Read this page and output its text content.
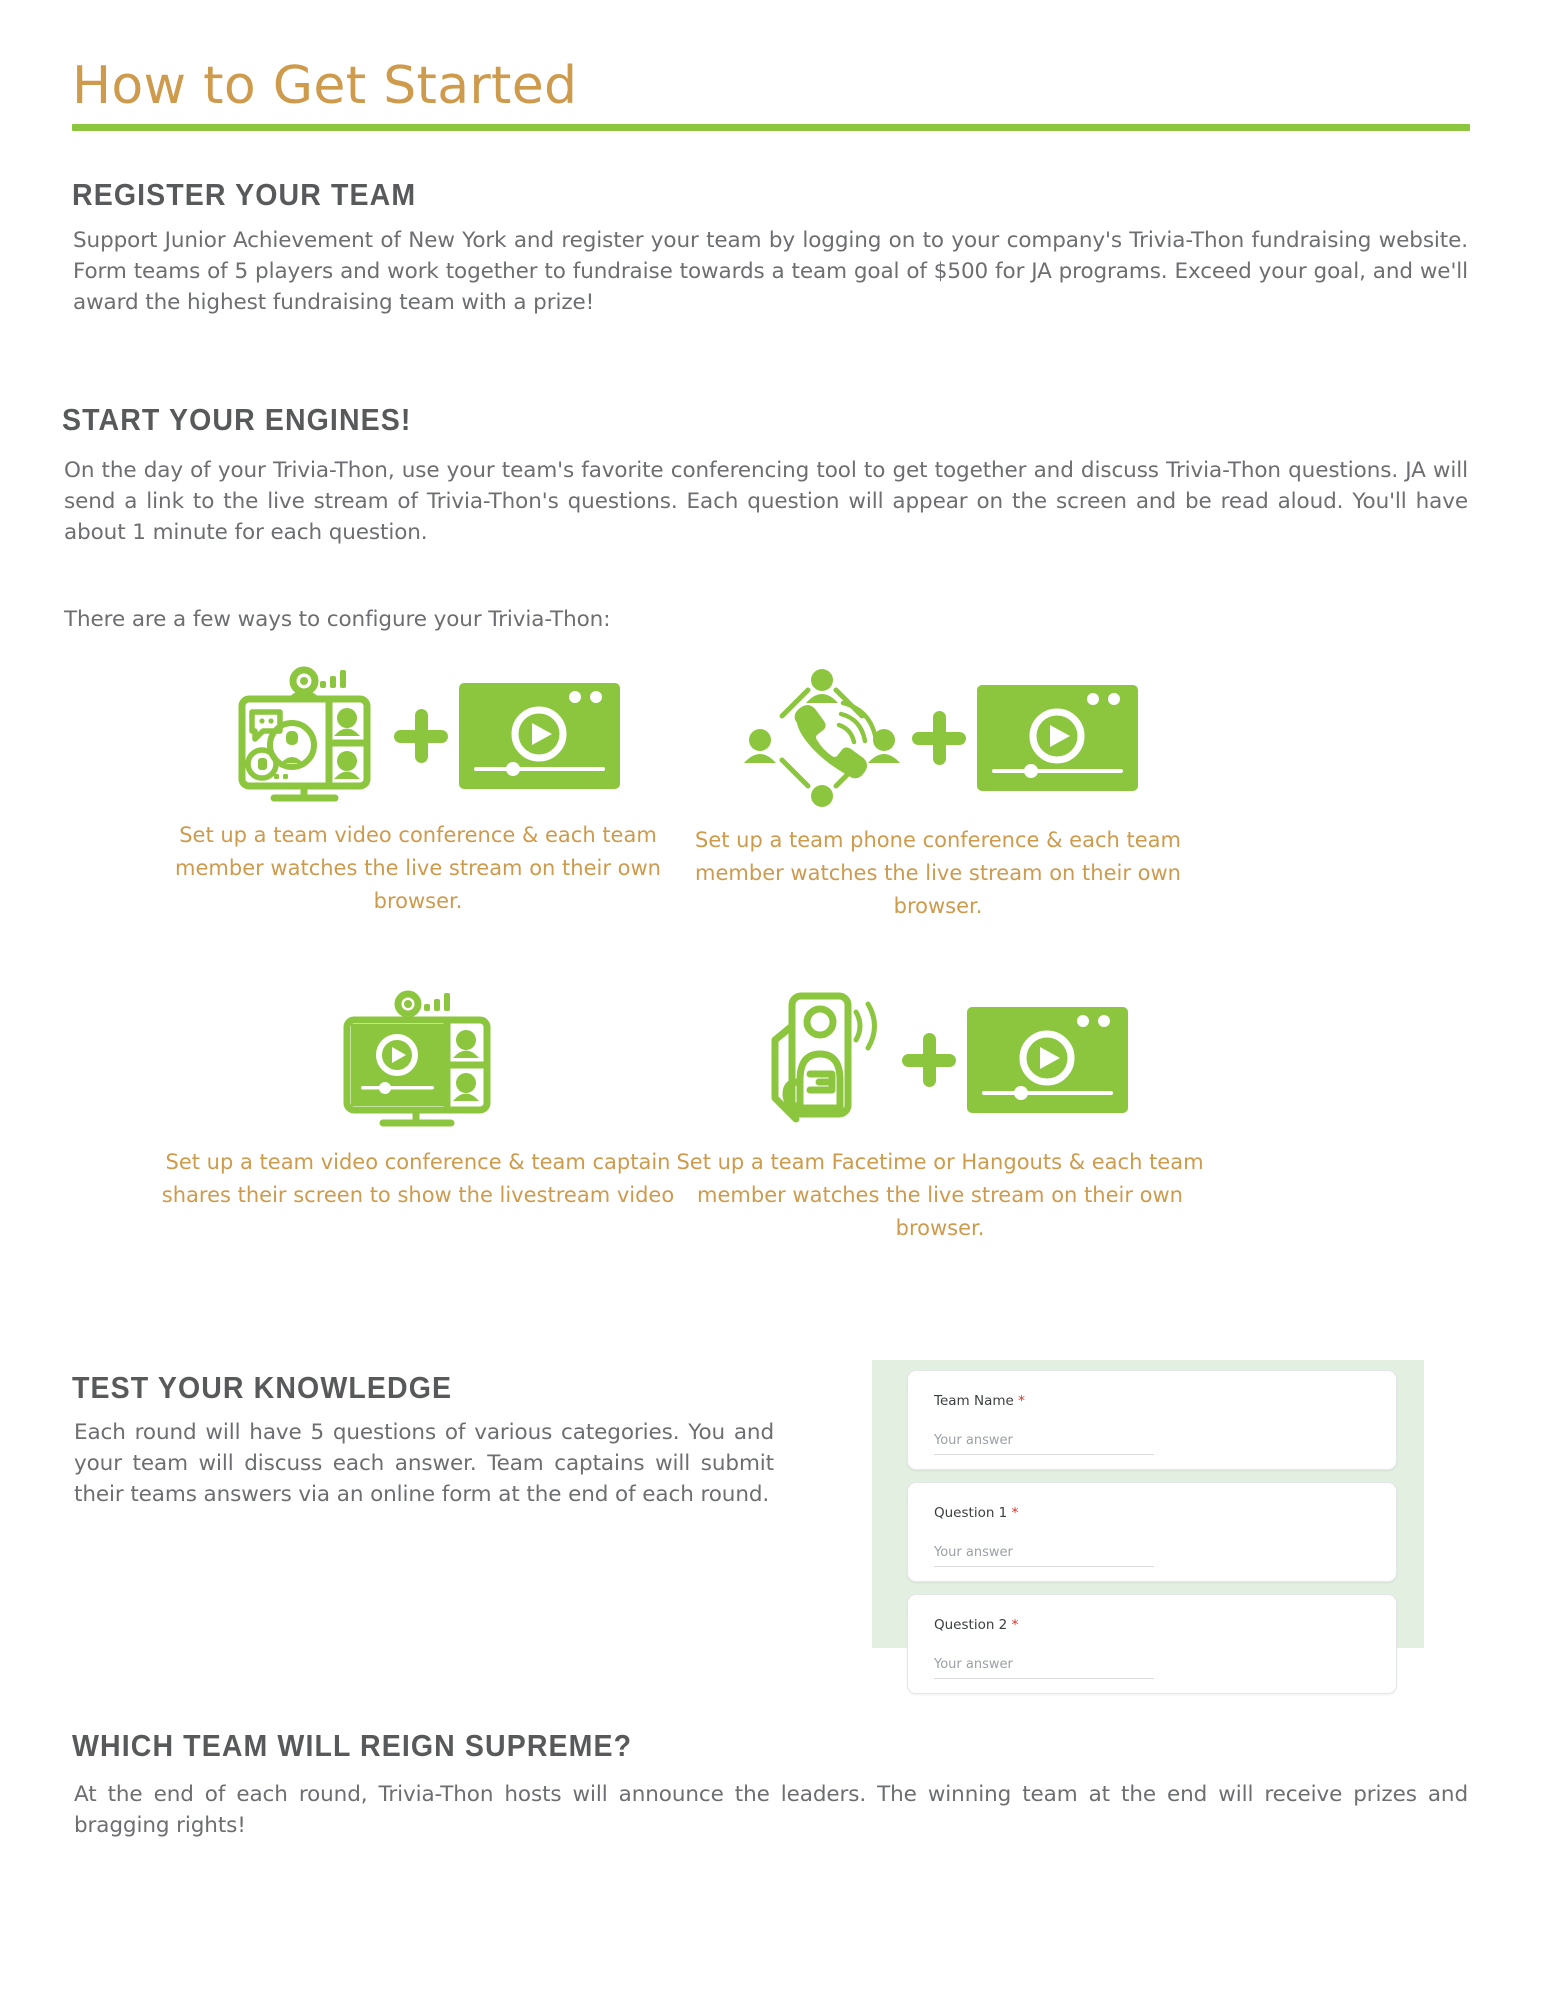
How to Get Started
REGISTER YOUR TEAM
Support Junior Achievement of New York and register your team by logging on to your company's Trivia-Thon fundraising website. Form teams of 5 players and work together to fundraise towards a team goal of $500 for JA programs. Exceed your goal, and we'll award the highest fundraising team with a prize!
START YOUR ENGINES!
On the day of your Trivia-Thon, use your team's favorite conferencing tool to get together and discuss Trivia-Thon questions. JA will send a link to the live stream of Trivia-Thon's questions. Each question will appear on the screen and be read aloud. You'll have about 1 minute for each question.
There are a few ways to configure your Trivia-Thon:
Set up a team video conference & each team member watches the live stream on their own browser.
Set up a team phone conference & each team member watches the live stream on their own browser.
Set up a team video conference & team captain shares their screen to show the livestream video
Set up a team Facetime or Hangouts & each team member watches the live stream on their own browser.
TEST YOUR KNOWLEDGE
Each round will have 5 questions of various categories. You and your team will discuss each answer. Team captains will submit their teams answers via an online form at the end of each round.
Team Name *
Your answer
Question 1 *
Your answer
Question 2 *
Your answer
WHICH TEAM WILL REIGN SUPREME?
At the end of each round, Trivia-Thon hosts will announce the leaders. The winning team at the end will receive prizes and bragging rights!
